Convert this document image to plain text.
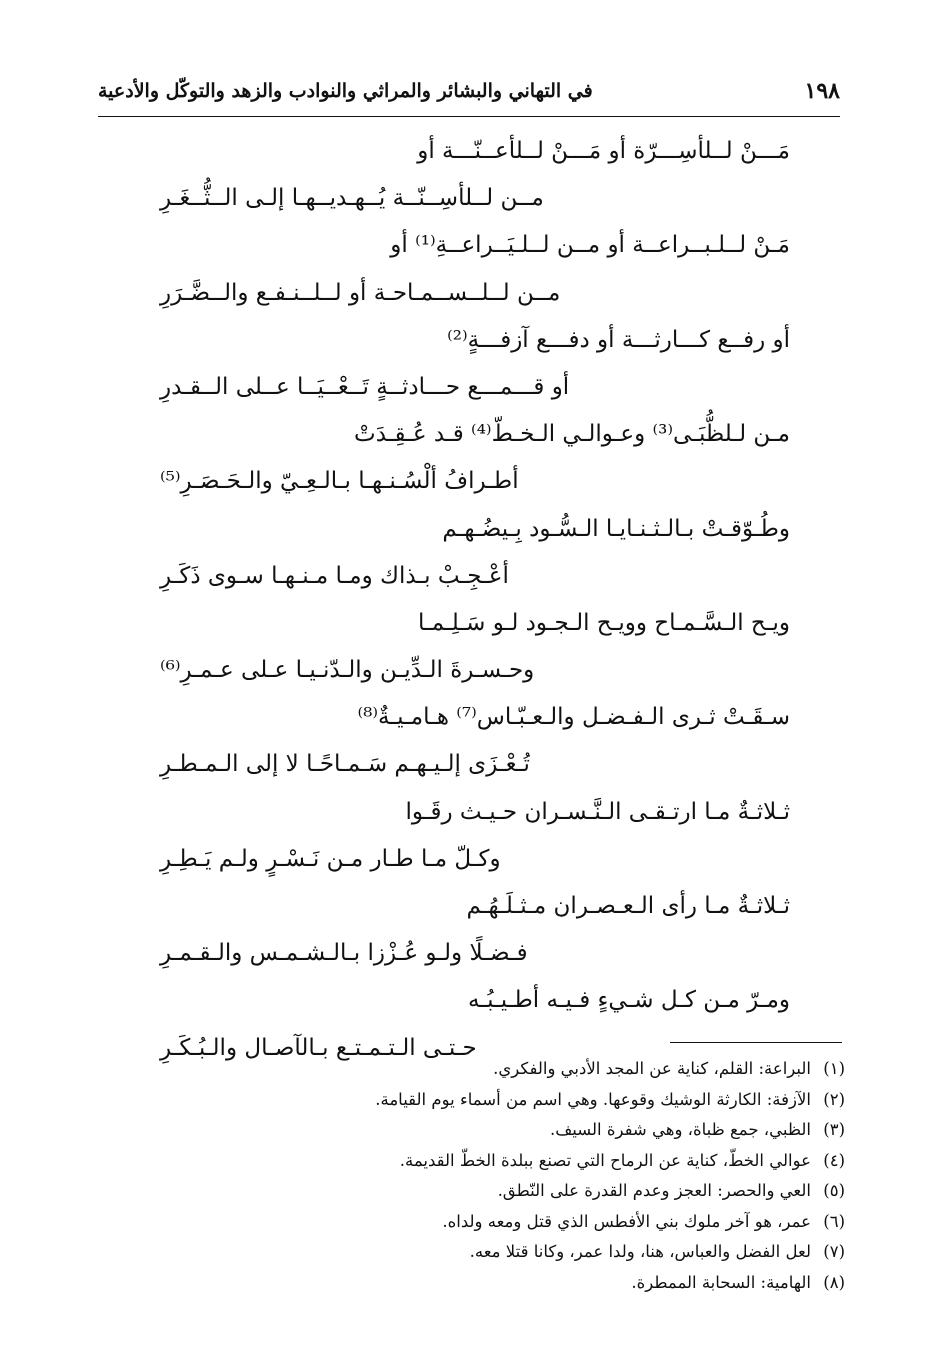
١٩٨
في التهاني والبشائر والمراثي والنوادب والزهد والتوكّل والأدعية
مَـــنْ لــلأسِـــرّة أو مَـــنْ لــلأعــنّـــة أو
مــن لــلأسِــنّــة يُــهـديــهـا إلـى الــثُّــغَـرِ
مَـنْ لــلـبــراعــة أو مــن لــلـيَــراعــةِ⁽¹⁾ أو
مــن لــلــســمـاحـة أو لــلــنـفـع والــضَّـرَرِ
أو رفــع كـــارثـــة أو دفـــع آزفـــةٍ⁽²⁾
أو قـــمـــع حـــادثــةٍ تَــعْــيَــا عــلى الــقـدرِ
مـن لـلظُّبَـى⁽³⁾ وعـوالـي الـخـطّ⁽⁴⁾ قـد عُـقِـدَتْ
أطـرافُ ألْسُـنـهـا بـالـعِـيّ والـحَـصَـرِ⁽⁵⁾
وطُـوّقـتْ بـالـثـنـايـا الـسُّـود بِـيضُـهـم
أعْـجِـبْ بـذاك ومـا مـنـهـا سـوى ذَكَـرِ
ويـح الـسَّـمـاح وويـح الـجـود لـو سَـلِـمـا
وحـسـرةَ الـدِّيـن والـدّنـيـا عـلى عـمـرِ⁽⁶⁾
سـقَـتْ ثـرى الـفـضـل والـعـبّـاس⁽⁷⁾ هـامـيـةٌ⁽⁸⁾
تُـعْـزَى إلـيـهـم سَـمـاحًـا لا إلى الـمـطـرِ
ثـلاثـةٌ مـا ارتـقـى الـنَّـسـران حـيـث رقَـوا
وكـلّ مـا طـار مـن نَـسْـرٍ ولـم يَـطِـرِ
ثـلاثـةٌ مـا رأى الـعـصـران مـثـلَـهُـم
فـضـلًا ولـو عُـزْزا بـالـشـمـس والـقـمـرِ
ومـرّ مـن كـل شـيءٍ فـيـه أطـيـبُـه
حـتـى الـتـمـتـع بـالآصـال والـبُـكَـرِ
(١)البراعة: القلم، كناية عن المجد الأدبي والفكري.
(٢)الآزفة: الكارثة الوشيك وقوعها. وهي اسم من أسماء يوم القيامة.
(٣)الظبي، جمع ظباة، وهي شفرة السيف.
(٤)عوالي الخطّ، كناية عن الرماح التي تصنع ببلدة الخطّ القديمة.
(٥)العي والحصر: العجز وعدم القدرة على النّطق.
(٦)عمر، هو آخر ملوك بني الأفطس الذي قتل ومعه ولداه.
(٧)لعل الفضل والعباس، هنا، ولدا عمر، وكانا قتلا معه.
(٨)الهامية: السحابة الممطرة.
